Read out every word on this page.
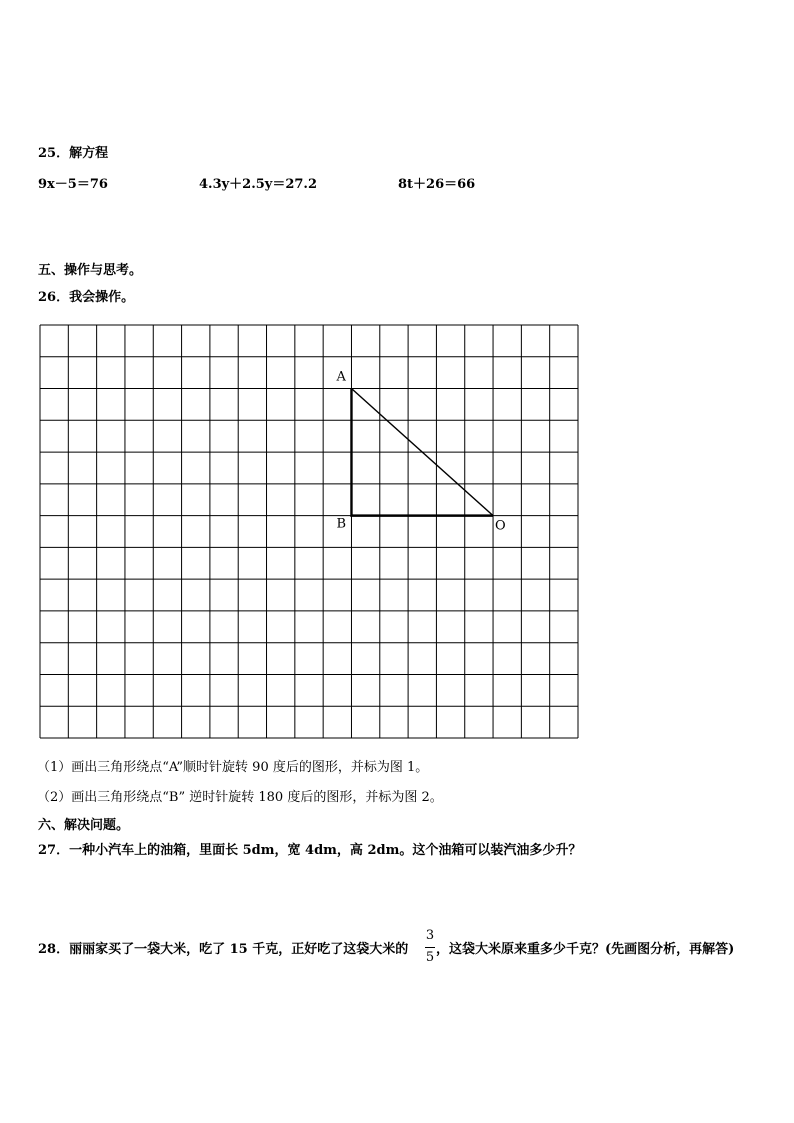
25．解方程
9x－5＝76	4.3y＋2.5y＝27.2	8t＋26＝66
五、操作与思考。
26．我会操作。
A
B	O
（1）画出三角形绕点“A”顺时针旋转 90 度后的图形，并标为图 1。
（2）画出三角形绕点“B” 逆时针旋转 180 度后的图形，并标为图 2。
六、解决问题。
27．一种小汽车上的油箱，里面长 5dm，宽 4dm，高 2dm。这个油箱可以装汽油多少升？
28．丽丽家买了一袋大米，吃了 15 千克，正好吃了这袋大米的
3
5
，这袋大米原来重多少千克？(先画图分析，再解答)
